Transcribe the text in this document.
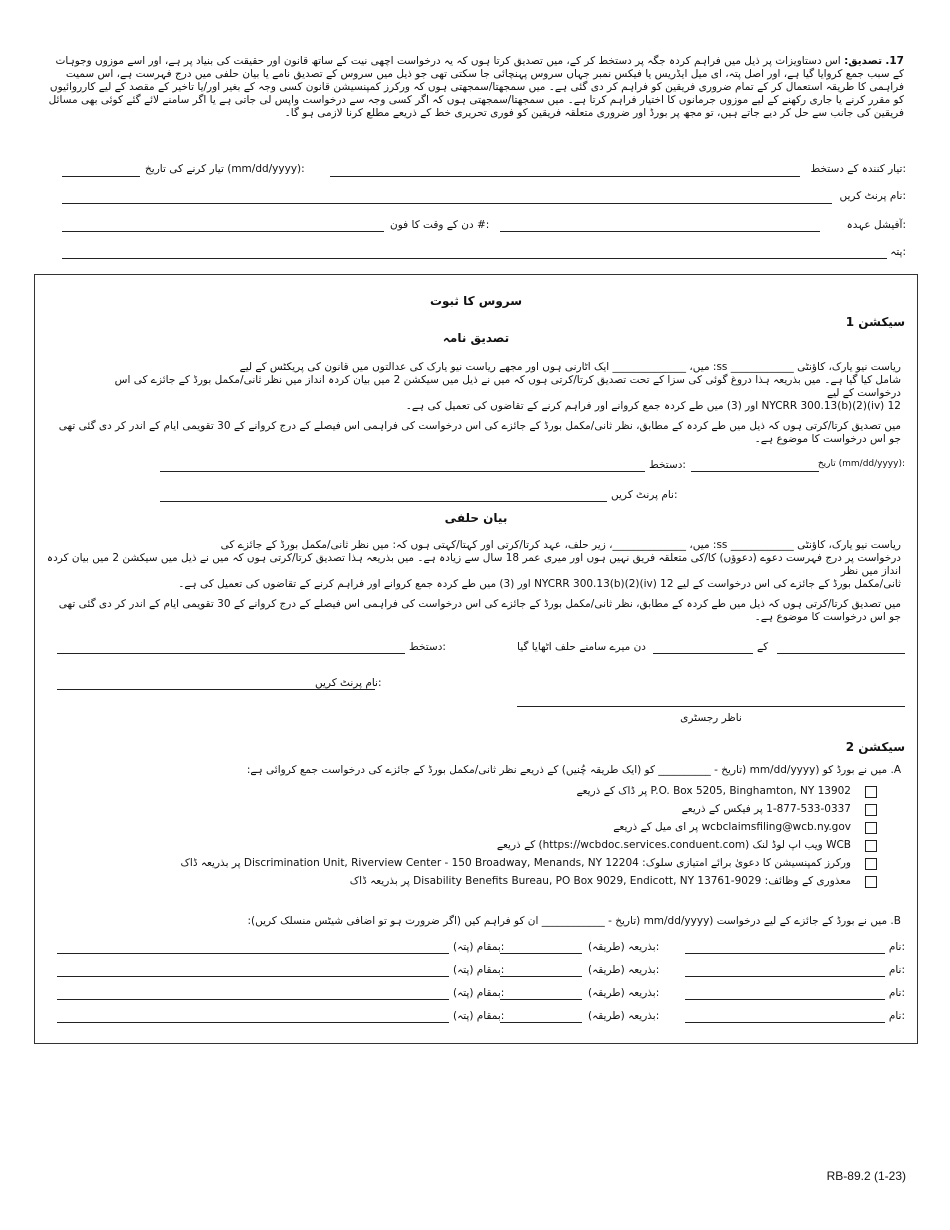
17. تصدیق: اس دستاویزات پر ذیل میں فراہم کردہ جگہ پر دستخط کر کے، میں تصدیق کرتا ہوں کہ یہ درخواست اچھی نیت کے ساتھ قانون اور حقیقت کی بنیاد پر ہے، اور اسے موزوں وجوہات کے سبب جمع کروایا گیا ہے، اور اصل پتہ، ای میل ایڈریس یا فیکس نمبر جہاں سروس پہنچائی جا سکتی تھی جو ذیل میں سروس کے تصدیق نامے یا بیان حلفی میں درج فہرست ہے، اس سمیت فراہمی کا طریقہ استعمال کر کے تمام ضروری فریقین کو فراہم کر دی گئی ہے۔ میں سمجھتا/سمجھتی ہوں کہ ورکرز کمپنسیشن قانون کسی وجہ کے بغیر اور/یا تاخیر کے مقصد کے لیے کارروائیوں کو مقرر کرنے یا جاری رکھنے کے لیے موزوں جرمانوں کا اختیار فراہم کرتا ہے۔ میں سمجھتا/سمجھتی ہوں کہ اگر کسی وجہ سے درخواست واپس لی جاتی ہے یا اگر سامنے لائے گئے کوئی بھی مسائل فریقین کی جانب سے حل کر دیے جاتے ہیں، تو مجھ پر بورڈ اور ضروری متعلقہ فریقین کو فوری تحریری خط کے ذریعے مطلع کرنا لازمی ہو گا۔
تیار کنندہ کے دستخط:
تیار کرنے کی تاریخ (mm/dd/yyyy):
نام پرنٹ کریں:
آفیشل عہدہ:
دن کے وقت کا فون #:
پتہ:
سروس کا ثبوت
سیکشن 1
تصدیق نامہ
ریاست نیو یارک، کاؤنٹی ____________ ss: میں، ______________ ایک اٹارنی ہوں اور مجھے ریاست نیو یارک کی عدالتوں میں قانون کی پریکٹس کے لیے
شامل کیا گیا ہے۔ میں بذریعہ ہذا دروغ گوئی کی سزا کے تحت تصدیق کرتا/کرتی ہوں کہ میں نے ذیل میں سیکشن 2 میں بیان کردہ انداز میں نظر ثانی/مکمل بورڈ کے جائزے کی اس درخواست کے لیے
12 NYCRR 300.13(b)(2)(iv) اور (3) میں طے کردہ جمع کروانے اور فراہم کرنے کے تقاضوں کی تعمیل کی ہے۔
میں تصدیق کرتا/کرتی ہوں کہ ذیل میں طے کردہ کے مطابق، نظر ثانی/مکمل بورڈ کے جائزے کی اس درخواست کی فراہمی اس فیصلے کے درج کروانے کے 30 تقویمی ایام کے اندر کر دی گئی تھی جو اس درخواست کا موضوع ہے۔
تاریخ (mm/dd/yyyy):
دستخط:
نام پرنٹ کریں:
بیان حلفی
ریاست نیو یارک، کاؤنٹی ____________ ss: میں، ______________، زیر حلف، عہد کرتا/کرتی اور کہتا/کہتی ہوں کہ: میں نظر ثانی/مکمل بورڈ کے جائزے کی
درخواست پر درج فہرست دعوے (دعوؤں) کا/کی متعلقہ فریق نہیں ہوں اور میری عمر 18 سال سے زیادہ ہے۔ میں بذریعہ ہذا تصدیق کرتا/کرتی ہوں کہ میں نے ذیل میں سیکشن 2 میں بیان کردہ انداز میں نظر
ثانی/مکمل بورڈ کے جائزے کی اس درخواست کے لیے 12 NYCRR 300.13(b)(2)(iv) اور (3) میں طے کردہ جمع کروانے اور فراہم کرنے کے تقاضوں کی تعمیل کی ہے۔
میں تصدیق کرتا/کرتی ہوں کہ ذیل میں طے کردہ کے مطابق، نظر ثانی/مکمل بورڈ کے جائزے کی اس درخواست کی فراہمی اس فیصلے کے درج کروانے کے 30 تقویمی ایام کے اندر کر دی گئی تھی جو اس درخواست کا موضوع ہے۔
کے
دن میرے سامنے حلف اٹھایا گیا
دستخط:
نام پرنٹ کریں:
ناظر رجسٹری
سیکشن 2
A. میں نے بورڈ کو (mm/dd/yyyy (تاریخ - __________ کو (ایک طریقہ چُنیں) کے ذریعے نظر ثانی/مکمل بورڈ کے جائزے کی درخواست جمع کروائی ہے:
P.O. Box 5205, Binghamton, NY 13902 پر ڈاک کے ذریعے
1-877-533-0337 پر فیکس کے ذریعے
wcbclaimsfiling@wcb.ny.gov پر ای میل کے ذریعے
WCB ویب اپ لوڈ لنک (https://wcbdoc.services.conduent.com) کے ذریعے
ورکرز کمپنسیشن کا دعویٰ برائے امتیازی سلوک: Discrimination Unit, Riverview Center - 150 Broadway, Menands, NY 12204 پر بذریعہ ڈاک
معذوری کے وظائف: Disability Benefits Bureau, PO Box 9029, Endicott, NY 13761-9029 پر بذریعہ ڈاک
B. میں نے بورڈ کے جائزے کے لیے درخواست (mm/dd/yyyy (تاریخ - ____________ ان کو فراہم کیں (اگر ضرورت ہو تو اضافی شیٹس منسلک کریں):
نام:
بذریعہ (طریقہ):
بمقام (پتہ):
نام:
بذریعہ (طریقہ):
بمقام (پتہ):
نام:
بذریعہ (طریقہ):
بمقام (پتہ):
نام:
بذریعہ (طریقہ):
بمقام (پتہ):
RB-89.2 (1-23)
